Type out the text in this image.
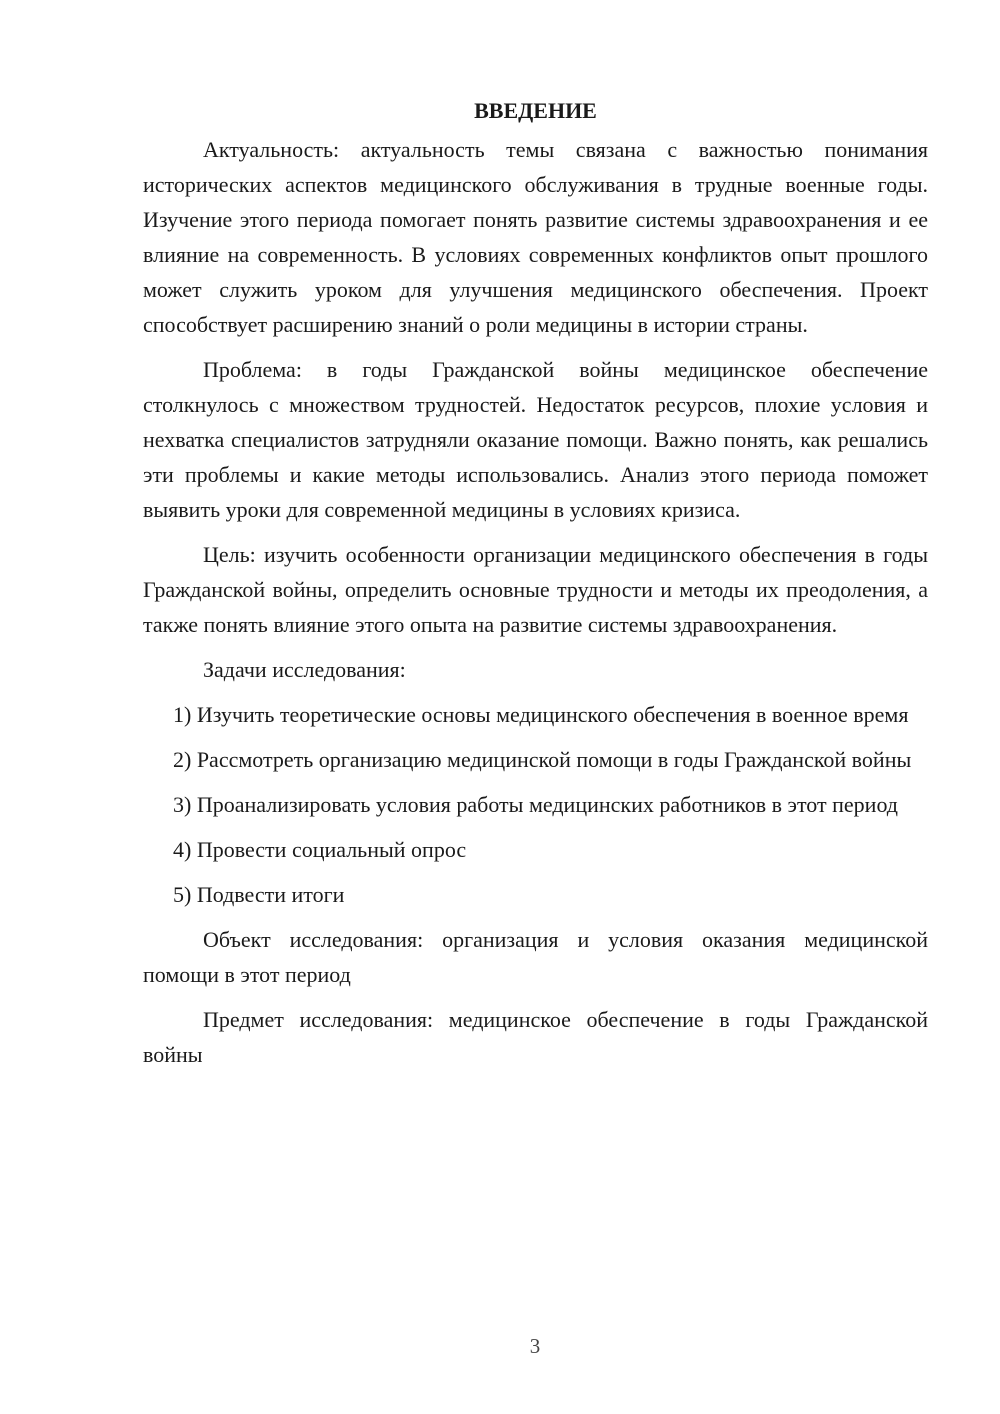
ВВЕДЕНИЕ

Актуальность: актуальность темы связана с важностью понимания исторических аспектов медицинского обслуживания в трудные военные годы. Изучение этого периода помогает понять развитие системы здравоохранения и ее влияние на современность. В условиях современных конфликтов опыт прошлого может служить уроком для улучшения медицинского обеспечения. Проект способствует расширению знаний о роли медицины в истории страны.

Проблема: в годы Гражданской войны медицинское обеспечение столкнулось с множеством трудностей. Недостаток ресурсов, плохие условия и нехватка специалистов затрудняли оказание помощи. Важно понять, как решались эти проблемы и какие методы использовались. Анализ этого периода поможет выявить уроки для современной медицины в условиях кризиса.

Цель: изучить особенности организации медицинского обеспечения в годы Гражданской войны, определить основные трудности и методы их преодоления, а также понять влияние этого опыта на развитие системы здравоохранения.

Задачи исследования:

1) Изучить теоретические основы медицинского обеспечения в военное время

2) Рассмотреть организацию медицинской помощи в годы Гражданской войны

3) Проанализировать условия работы медицинских работников в этот период

4) Провести социальный опрос

5) Подвести итоги

Объект исследования: организация и условия оказания медицинской помощи в этот период

Предмет исследования: медицинское обеспечение в годы Гражданской войны

3
